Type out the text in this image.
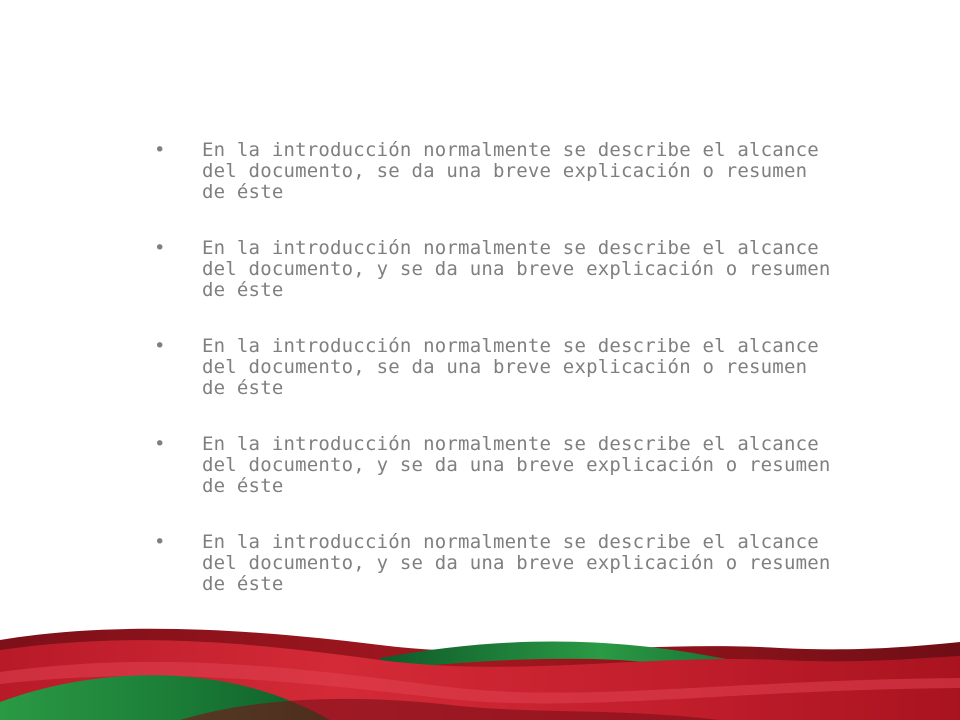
• En la introducción normalmente se describe el alcance del documento, se da una breve explicación o resumen de éste
• En la introducción normalmente se describe el alcance del documento, y se da una breve explicación o resumen de éste
• En la introducción normalmente se describe el alcance del documento, se da una breve explicación o resumen de éste
• En la introducción normalmente se describe el alcance del documento, y se da una breve explicación o resumen de éste
• En la introducción normalmente se describe el alcance del documento, y se da una breve explicación o resumen de éste
